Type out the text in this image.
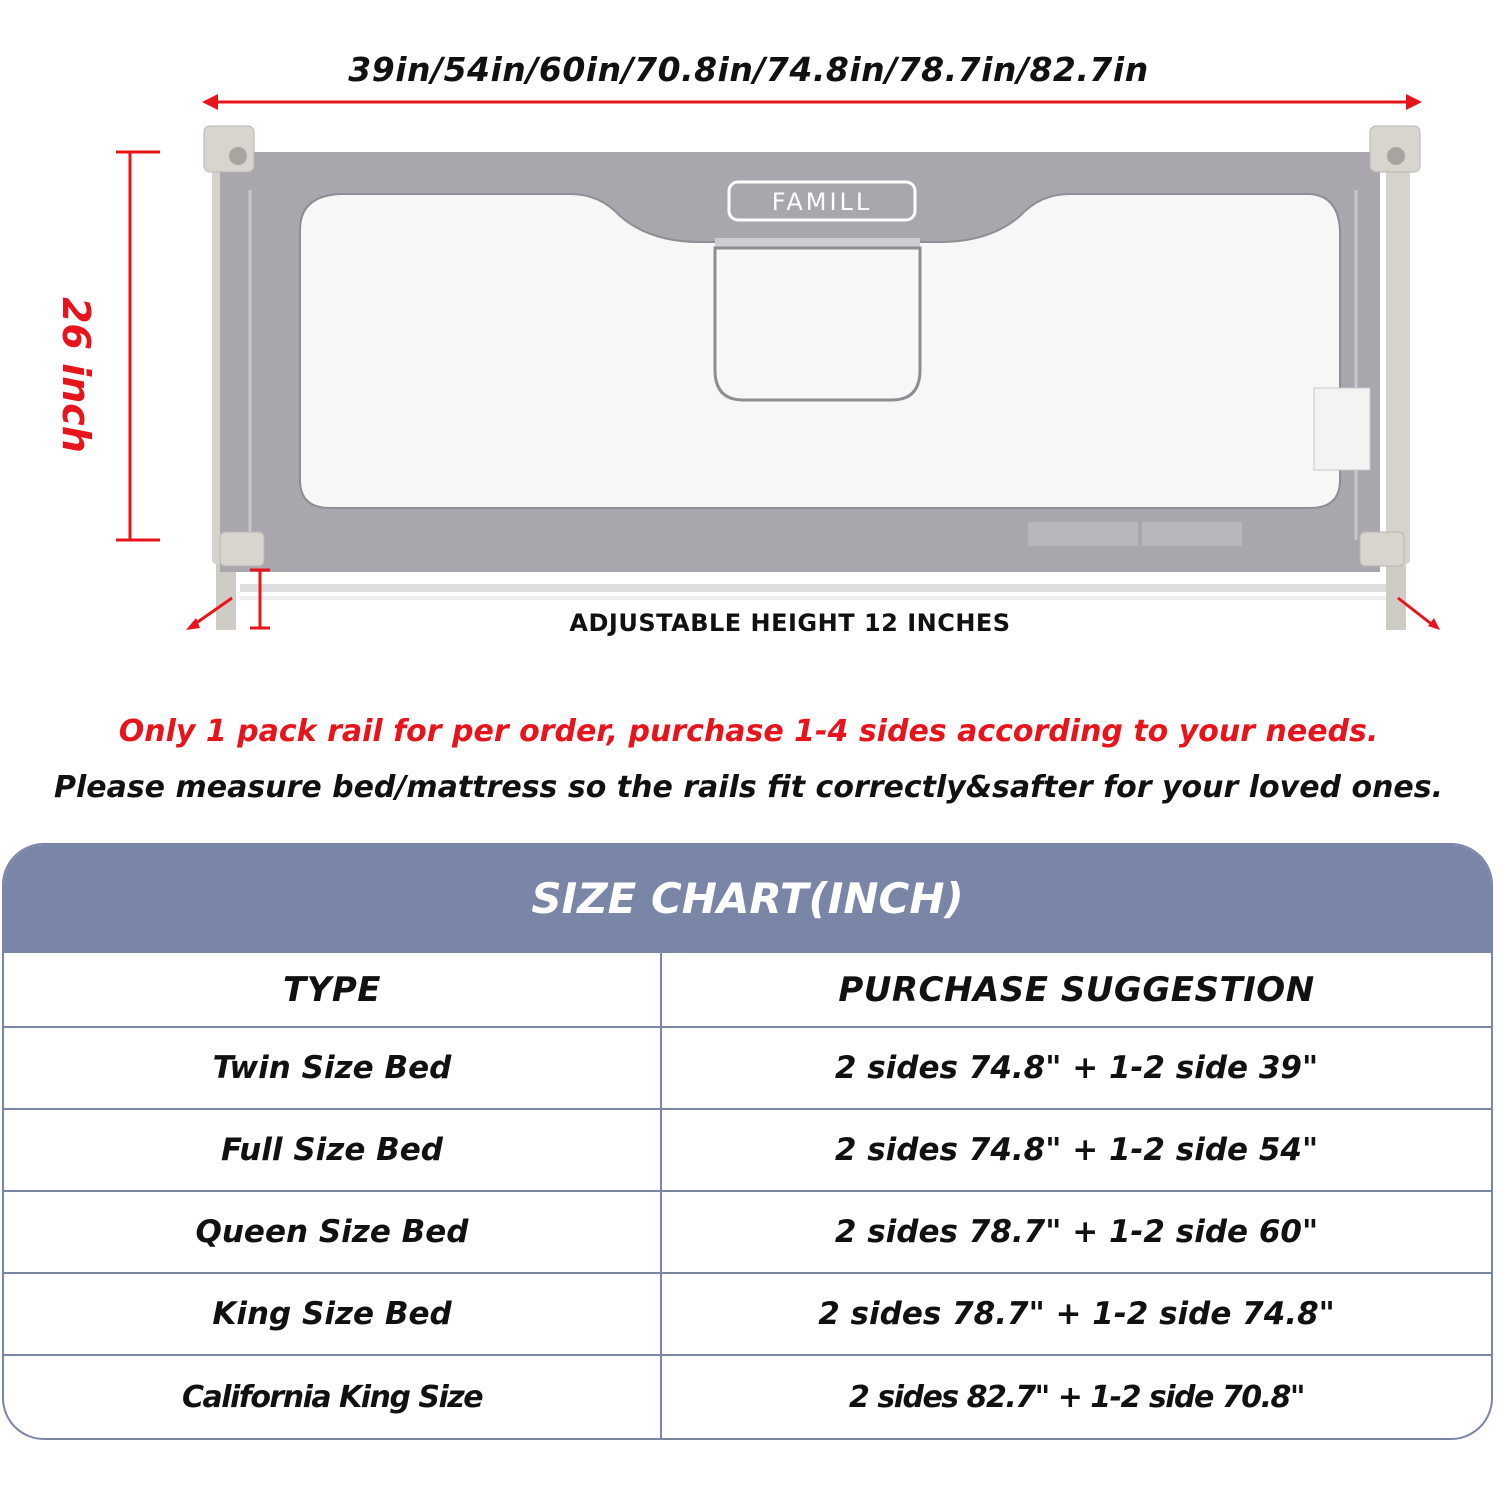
39in/54in/60in/70.8in/74.8in/78.7in/82.7in
26 inch
FAMILL
ADJUSTABLE HEIGHT 12 INCHES
Only 1 pack rail for per order, purchase 1-4 sides according to your needs.
Please measure bed/mattress so the rails fit correctly&safter for your loved ones.
SIZE CHART(INCH)
TYPE	PURCHASE SUGGESTION
Twin Size Bed	2 sides 74.8" + 1-2 side 39"
Full Size Bed	2 sides 74.8" + 1-2 side 54"
Queen Size Bed	2 sides 78.7" + 1-2 side 60"
King Size Bed	2 sides 78.7" + 1-2 side 74.8"
California King Size	2 sides 82.7" + 1-2 side 70.8"
